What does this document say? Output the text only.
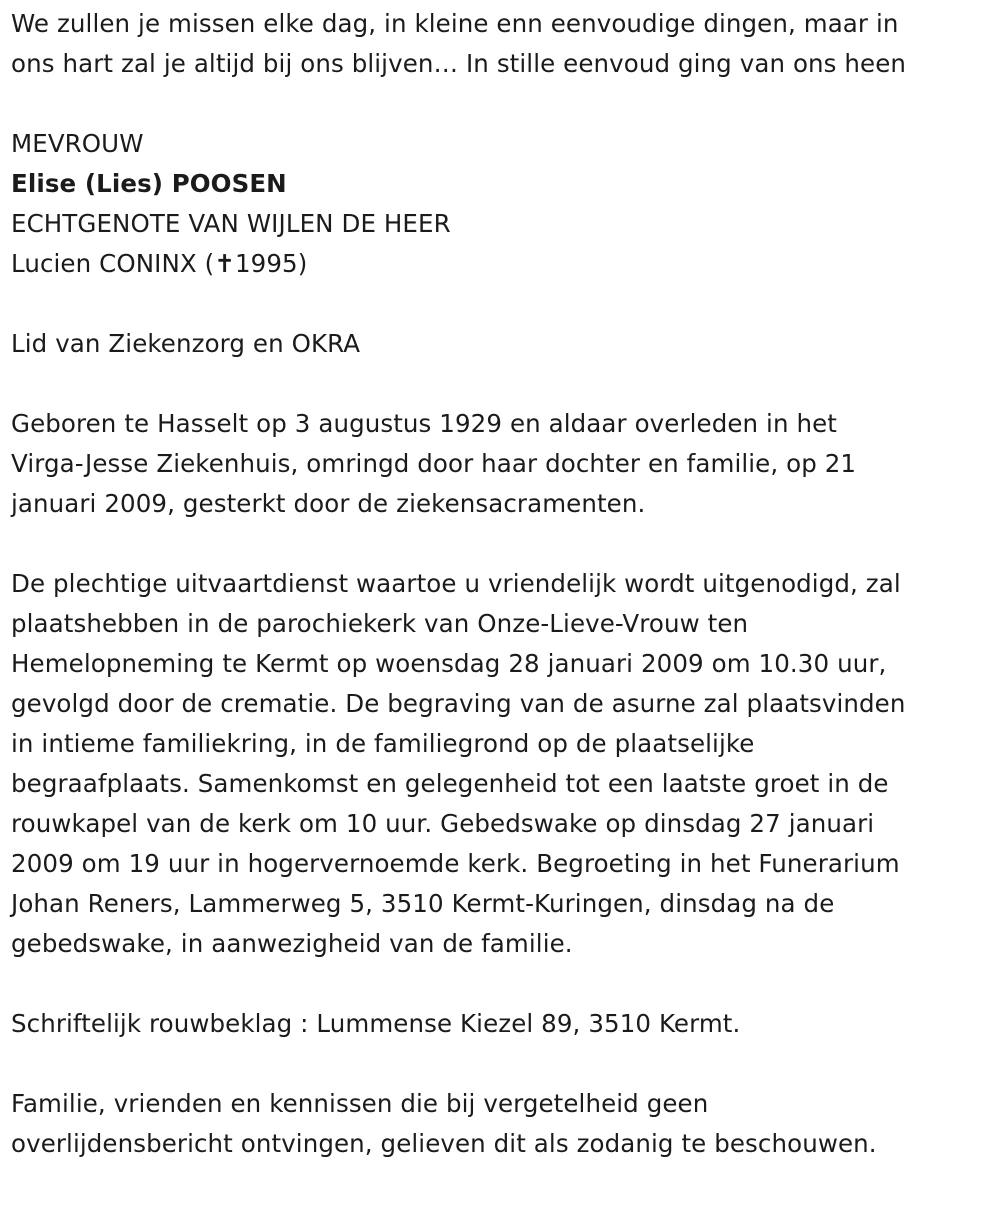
We zullen je missen elke dag, in kleine enn eenvoudige dingen, maar in

ons hart zal je altijd bij ons blijven… In stille eenvoud ging van ons heen

MEVROUW

Elise (Lies) POOSEN

ECHTGENOTE VAN WIJLEN DE HEER

Lucien CONINX (✝1995)

Lid van Ziekenzorg en OKRA

Geboren te Hasselt op 3 augustus 1929 en aldaar overleden in het

Virga-Jesse Ziekenhuis, omringd door haar dochter en familie, op 21

januari 2009, gesterkt door de ziekensacramenten.

De plechtige uitvaartdienst waartoe u vriendelijk wordt uitgenodigd, zal

plaatshebben in de parochiekerk van Onze-Lieve-Vrouw ten

Hemelopneming te Kermt op woensdag 28 januari 2009 om 10.30 uur,

gevolgd door de crematie. De begraving van de asurne zal plaatsvinden

in intieme familiekring, in de familiegrond op de plaatselijke

begraafplaats. Samenkomst en gelegenheid tot een laatste groet in de

rouwkapel van de kerk om 10 uur. Gebedswake op dinsdag 27 januari

2009 om 19 uur in hogervernoemde kerk. Begroeting in het Funerarium

Johan Reners, Lammerweg 5, 3510 Kermt-Kuringen, dinsdag na de

gebedswake, in aanwezigheid van de familie.

Schriftelijk rouwbeklag : Lummense Kiezel 89, 3510 Kermt.

Familie, vrienden en kennissen die bij vergetelheid geen

overlijdensbericht ontvingen, gelieven dit als zodanig te beschouwen.
